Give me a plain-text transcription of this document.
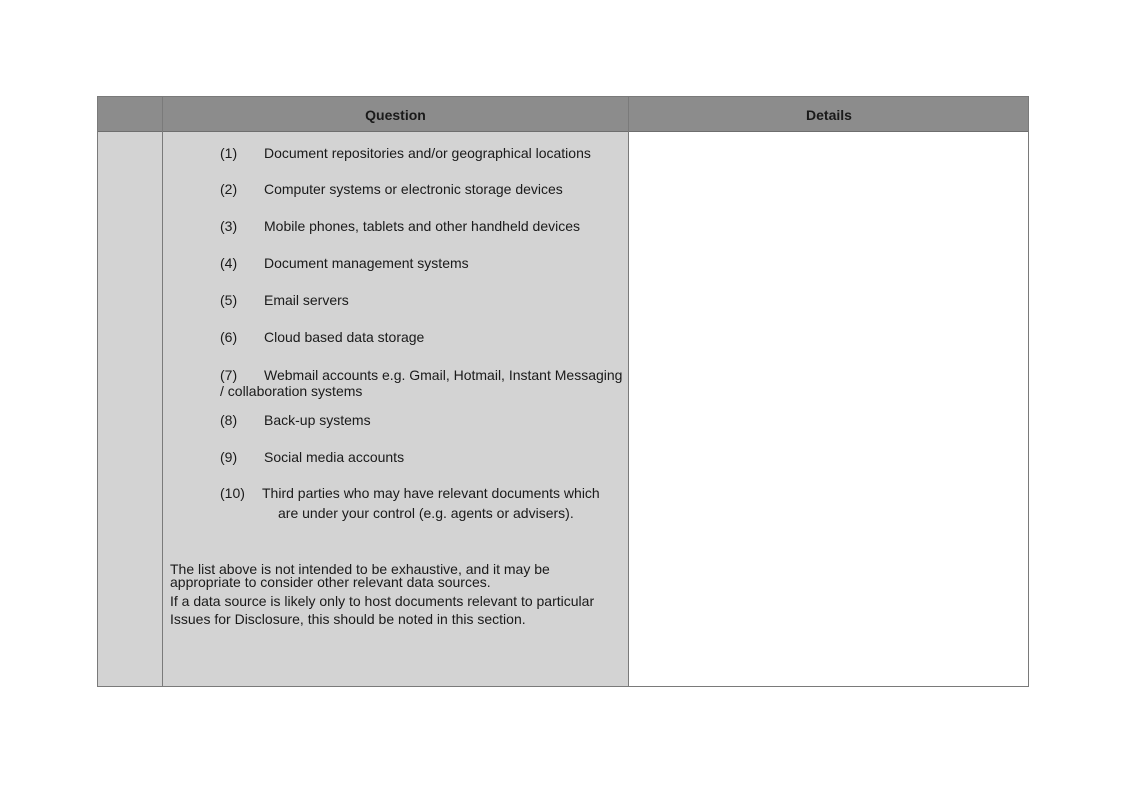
Question	Details
(1) Document repositories and/or geographical locations
(2) Computer systems or electronic storage devices
(3) Mobile phones, tablets and other handheld devices
(4) Document management systems
(5) Email servers
(6) Cloud based data storage
(7) Webmail accounts e.g. Gmail, Hotmail, Instant Messaging
/ collaboration systems
(8) Back-up systems
(9) Social media accounts
(10) Third parties who may have relevant documents which
are under your control (e.g. agents or advisers).
The list above is not intended to be exhaustive, and it may be
appropriate to consider other relevant data sources.
If a data source is likely only to host documents relevant to particular
Issues for Disclosure, this should be noted in this section.
